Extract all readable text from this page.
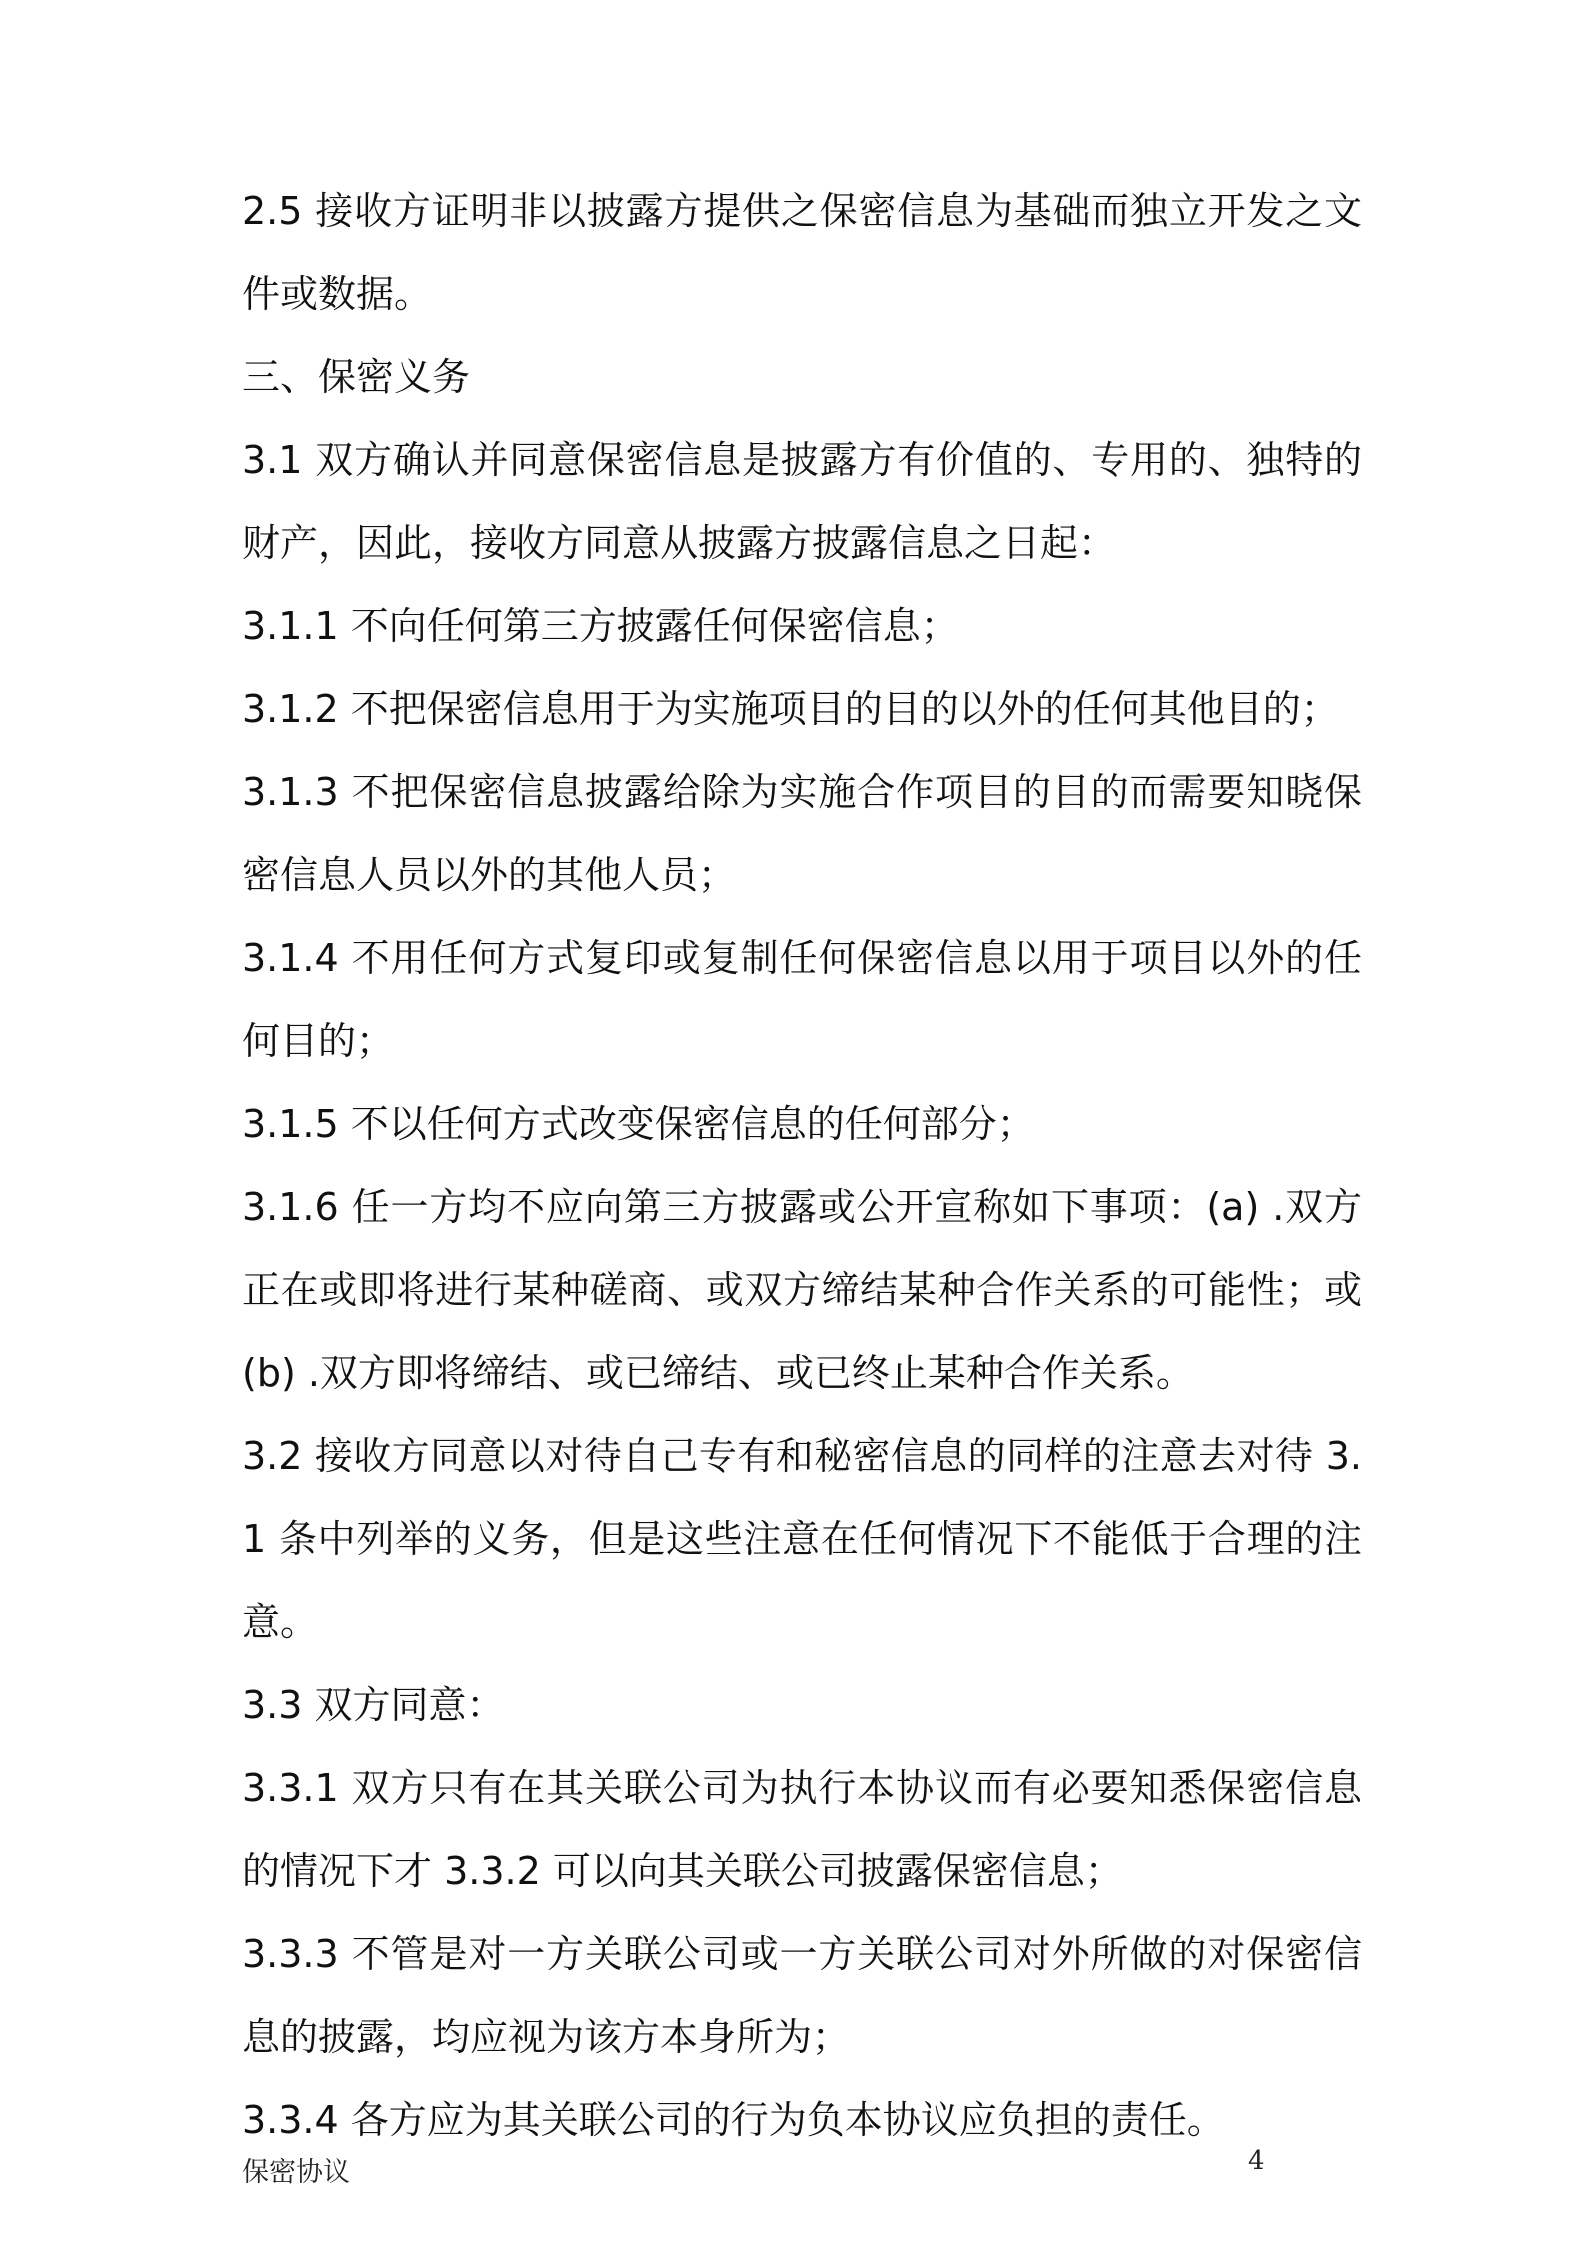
2.5 接收方证明非以披露方提供之保密信息为基础而独立开发之文件或数据。

三、保密义务

3.1 双方确认并同意保密信息是披露方有价值的、专用的、独特的财产，因此，接收方同意从披露方披露信息之日起：

3.1.1 不向任何第三方披露任何保密信息；

3.1.2 不把保密信息用于为实施项目的目的以外的任何其他目的；

3.1.3 不把保密信息披露给除为实施合作项目的目的而需要知晓保密信息人员以外的其他人员；

3.1.4 不用任何方式复印或复制任何保密信息以用于项目以外的任何目的；

3.1.5 不以任何方式改变保密信息的任何部分；

3.1.6 任一方均不应向第三方披露或公开宣称如下事项：(a) .双方正在或即将进行某种磋商、或双方缔结某种合作关系的可能性；或 (b) .双方即将缔结、或已缔结、或已终止某种合作关系。

3.2 接收方同意以对待自己专有和秘密信息的同样的注意去对待 3.1 条中列举的义务，但是这些注意在任何情况下不能低于合理的注意。

3.3 双方同意：

3.3.1 双方只有在其关联公司为执行本协议而有必要知悉保密信息的情况下才 3.3.2 可以向其关联公司披露保密信息；

3.3.3 不管是对一方关联公司或一方关联公司对外所做的对保密信息的披露，均应视为该方本身所为；

3.3.4 各方应为其关联公司的行为负本协议应负担的责任。

保密协议	4
